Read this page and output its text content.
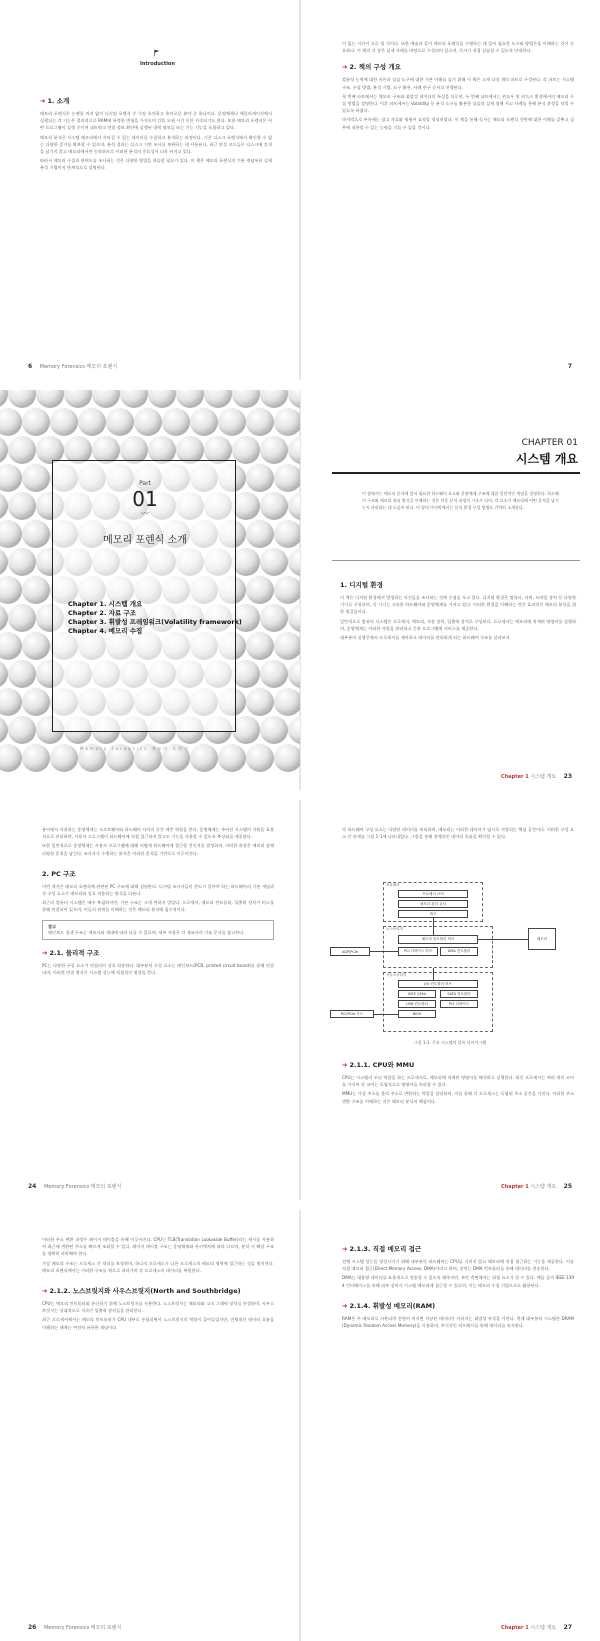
Introduction
➜ 1. 소개

메모리 포렌식은 논쟁할 여지 없이 디지털 포렌식 중 가장 유익하고 흥미로운 분야 중 하나이다. 운영체제나 애플리케이션에서 실행되는 각 기능은 결과적으로 RAM에 특정한 변형을 가져오며 간혹 오랜 시간 동안 지속되기도 한다. 또한 메모리 포렌식은 어떤 프로그램이 실행 중이며 네트워크 연결 정보 확인에 실행된 내역 정보들 또는 기능 기능을 포함하고 있다.

메모리 분석은 시스템 메모리에서 사라질 수 있는 데이터를 수집하고 분석하는 과정이다. 기존 디스크 포렌식에서 확인할 수 없는 다양한 증거를 확보할 수 있으며, 분석 결과는 디스크 기반 조사를 보완하는 데 사용된다. 최근 악성 코드들은 디스크에 흔적을 남기지 않고 메모리에서만 동작하므로 이러한 분석의 중요성이 더욱 커지고 있다.

따라서 메모리 수집과 관련도를 조사하는 것은 다양한 방법을 학습할 필요가 있다. 이 책은 메모리 포렌식의 기본 개념부터 실제 분석 기법까지 단계적으로 설명한다.

6 Memory Forensics 메모리 포렌식

이 없는 시간이 오로 될 것이다. 또한 예술과 같이 메모리 포렌식을 수행하는 데 있어 필요한 도구와 방법론을 이해하는 것이 중요하다. 이 책의 각 장은 실제 사례를 바탕으로 구성되어 있으며, 독자가 직접 실습할 수 있도록 안내한다.

➜ 2. 책의 구성 개요

컴퓨팅 능력에 대한 이론과 실습 도구에 대한 기본 이해를 돕기 위해 이 책은 크게 다섯 개의 파트로 구성된다. 각 파트는 시스템 구조, 수집 방법, 분석 기법, 도구 활용, 사례 연구 순서로 진행된다.

첫 번째 파트에서는 메모리 구조와 휘발성 데이터의 특성을 다루며, 두 번째 파트에서는 윈도우 및 리눅스 환경에서의 메모리 수집 방법을 설명한다. 이후 파트에서는 Volatility 등 분석 도구를 활용한 실습과 실제 침해 사고 사례를 통해 분석 과정을 익힐 수 있도록 하였다.

마지막으로 부록에는 참고 자료와 명령어 요약을 정리하였다. 이 책을 통해 독자는 메모리 포렌식 전반에 대한 이해를 갖추고 실무에 적용할 수 있는 능력을 기를 수 있을 것이다.

7
Part
01
〰
메모리 포렌식 소개
Chapter 1. 시스템 개요
Chapter 2. 자료 구조
Chapter 3. 휘발성 프레임워크(Volatility framework)
Chapter 4. 메모리 수집
Memory Forensics 메모리 포렌식
CHAPTER 01
시스템 개요
이 장에서는 메모리 분석에 앞서 필요한 하드웨어 요소와 운영체제 구조에 대한 일반적인 개념을 설명한다. 하드웨어 구조와 메모리 관리 방식을 이해하는 것은 이후 분석 과정의 기초가 되며, 각 요소가 메모리에 어떤 흔적을 남기는지 파악하는 데 도움이 된다. 이 장의 마지막에서는 분석 환경 구성 방법도 간략히 소개한다.
1. 디지털 환경

이 책은 디지털 환경에서 발생하는 사건들을 조사하는 것에 중점을 두고 있다. 디지털 환경은 컴퓨터, 서버, 모바일 장치 등 다양한 기기로 구성되며, 각 기기는 고유한 하드웨어와 운영체제를 가지고 있다. 이러한 환경을 이해하는 것은 효과적인 메모리 분석을 위한 첫걸음이다.

일반적으로 컴퓨터 시스템은 프로세서, 메모리, 저장 장치, 입출력 장치로 구성된다. 프로세서는 메모리에 적재된 명령어를 실행하며, 운영체제는 이러한 자원을 관리하고 응용 프로그램에 서비스를 제공한다.

대부분의 실행중에서 프로세서를 제어하고 데이터를 관리하게 되는 하드웨어 구조를 살펴보자.

Chapter 1 시스템 개요 23

용어에서 사용하는 운영체제는 소프트웨어와 하드웨어 사이의 중간 계층 역할을 한다. 운영체제는 주어진 시스템의 자원을 효율적으로 관리하며, 사용자 프로그램이 하드웨어에 직접 접근하지 않고도 기능을 사용할 수 있도록 추상화를 제공한다.

또한 일반적으로 운영체제는 사용자 프로그램에 대해 어떻게 하드웨어에 접근할 것인지를 결정하며, 이러한 과정은 메모리 상에 다양한 흔적을 남긴다. 조사자가 수행하는 분석은 이러한 흔적을 기반으로 이루어진다.

2. PC 구조

이번 섹션은 메모리 포렌식에 관련된 PC 구조에 대해 설명한다. 디지털 조사자들이 반드시 알아야 하는 하드웨어의 기본 개념과 각 구성 요소가 메모리와 상호 작용하는 방식을 다룬다.

최근의 컴퓨터 시스템은 매우 복잡하지만, 기본 구조는 크게 변하지 않았다. 프로세서, 메모리 컨트롤러, 입출력 장치가 버스를 통해 연결되어 있으며, 이들의 관계를 이해하는 것은 메모리 분석에 필수적이다.

참고
메인보드 칩셋 구조는 제조사와 세대에 따라 다를 수 있으며, 세부 사항은 각 제조사의 기술 문서를 참고한다.
➜ 2.1. 물리적 구조

PC는 다양한 구성 요소가 연결되어 상호 작용한다. 대부분의 구성 요소는 메인보드(PCB, printed circuit board)를 통해 연결되며, 이러한 연결 방식은 시스템 성능에 직접적인 영향을 준다.

24 Memory Forensics 메모리 포렌식

각 하드웨어 구성 요소는 다양한 데이터를 처리하며, 메모리는 이러한 데이터가 임시로 저장되는 핵심 공간이다. 이러한 구성 요소 간 관계를 그림 1-1에 나타내었다. 그림을 통해 전체적인 데이터 흐름을 확인할 수 있다.

프로세서
프로세서 코어
메모리 관리 유닛
캐시
노스브리지
메모리 컨트롤러 허브
PCI 디바이스 허브	DMA 컨트롤러
메모리
AGP/PCIe
사우스브리지
I/O 컨트롤러 허브
IEEE 1394	SATA 컨트롤러
USB 컨트롤러	PCI 디바이스
BIOS
PCI/PCIe 카드
그림 1-1. 주요 시스템의 블록 다이어그램
➜ 2.1.1. CPU와 MMU

CPU는 시스템의 두뇌 역할을 하는 프로세서로, 메모리에 적재된 명령어를 해석하고 실행한다. 최신 프로세서는 여러 개의 코어를 가지며 각 코어는 독립적으로 명령어를 처리할 수 있다.

MMU는 가상 주소를 물리 주소로 변환하는 역할을 담당하며, 이를 통해 각 프로세스는 독립된 주소 공간을 가진다. 이러한 주소 변환 구조를 이해하는 것은 메모리 분석의 핵심이다.

Chapter 1 시스템 개요 25

이러한 주소 변환 과정은 페이지 테이블을 통해 이루어진다. CPU는 TLB(Translation Lookaside Buffer)라는 캐시를 사용하여 최근에 변환된 주소를 빠르게 조회할 수 있다. 페이지 테이블 구조는 운영체제와 아키텍처에 따라 다르며, 분석 시 해당 구조를 정확히 파악해야 한다.

가상 메모리 구조는 프로세스 간 격리를 보장하며, 하나의 프로세스가 다른 프로세스의 메모리 영역에 접근하는 것을 방지한다. 메모리 포렌식에서는 이러한 구조를 역으로 따라가며 각 프로세스의 데이터를 복원한다.

➜ 2.1.2. 노스브릿지와 사우스브릿지(North and Southbridge)

CPU는 메모리 컨트롤러와 통신하기 위해 노스브릿지를 사용한다. 노스브릿지는 메모리와 고속 그래픽 장치를 연결하며, 사우스브릿지는 상대적으로 저속인 입출력 장치들을 관리한다.

최근 프로세서에서는 메모리 컨트롤러가 CPU 내부로 통합되면서 노스브릿지의 역할이 줄어들었지만, 전체적인 데이터 흐름을 이해하는 데에는 여전히 유용한 개념이다.

26 Memory Forensics 메모리 포렌식
➜ 2.1.3. 직접 메모리 접근

전체 시스템 성능을 향상시키기 위해 대부분의 하드웨어는 CPU를 거치지 않고 메모리에 직접 접근하는 기능을 제공한다. 이를 직접 메모리 접근(Direct Memory Access, DMA)이라고 하며, 장치는 DMA 컨트롤러를 통해 데이터를 전송한다.

DMA는 대용량 데이터를 효율적으로 전송할 수 있도록 해주지만, 보안 측면에서는 위험 요소가 될 수 있다. 예를 들어 IEEE 1394 인터페이스를 통해 외부 장치가 시스템 메모리에 접근할 수 있으며, 이는 메모리 수집 기법으로도 활용된다.

➜ 2.1.4. 휘발성 메모리(RAM)

RAM은 주 메모리로 사용되며 전원이 꺼지면 저장된 데이터가 사라지는 휘발성 특성을 가진다. 현재 대부분의 시스템은 DRAM(Dynamic Random Access Memory)을 사용하며, 주기적인 리프레시를 통해 데이터를 유지한다.

Chapter 1 시스템 개요 27
